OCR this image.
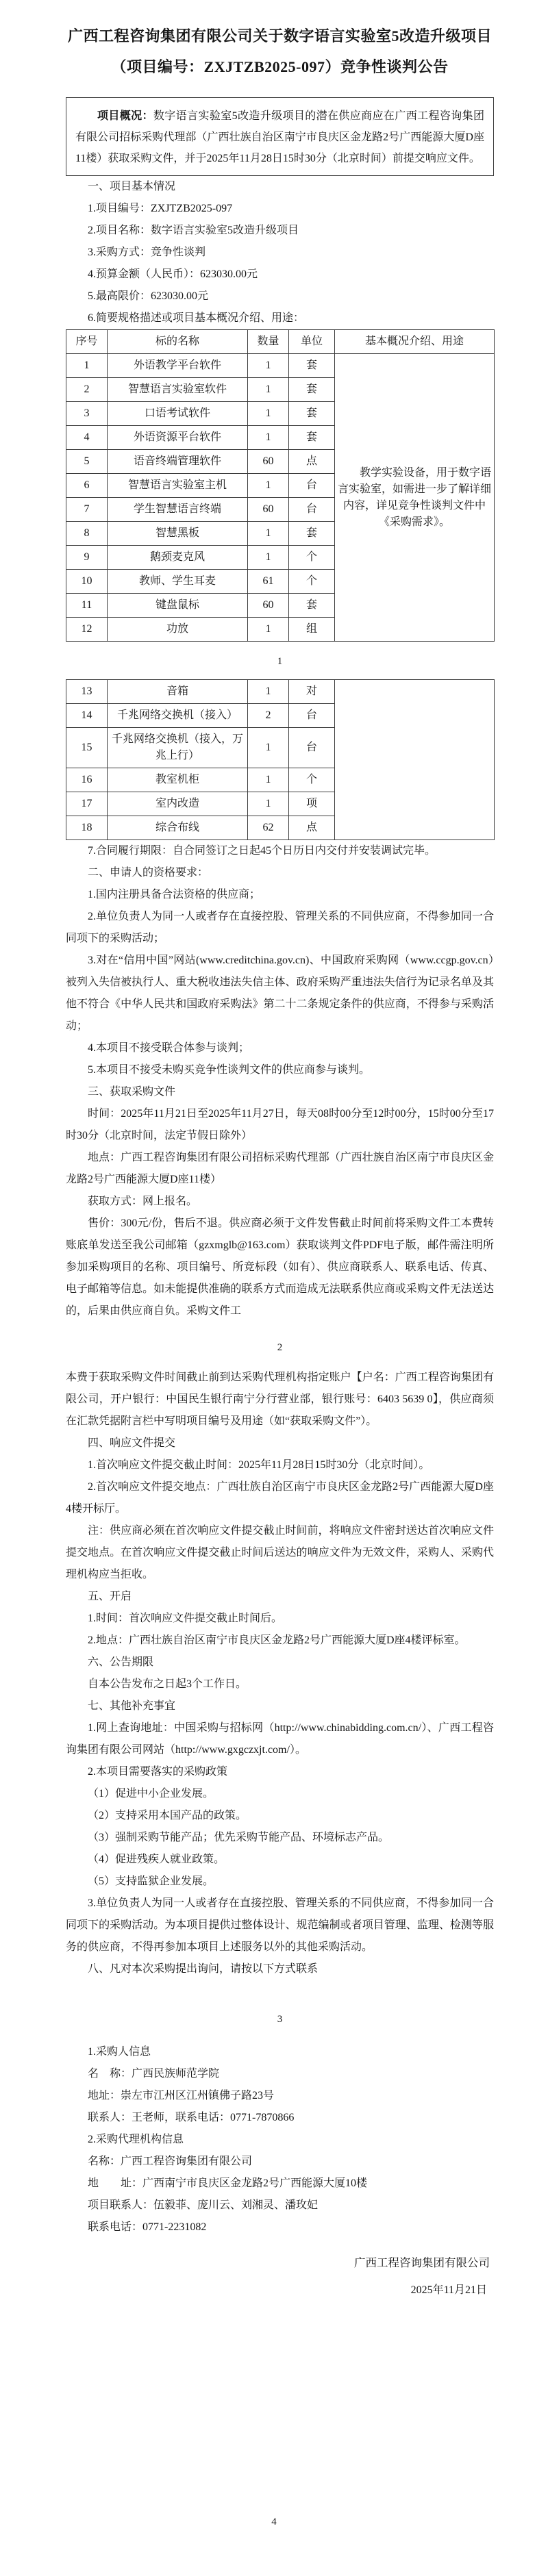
广西工程咨询集团有限公司关于数字语言实验室5改造升级项目
（项目编号：ZXJTZB2025-097）竞争性谈判公告

项目概况：数字语言实验室5改造升级项目的潜在供应商应在广西工程咨询集团有限公司招标采购代理部（广西壮族自治区南宁市良庆区金龙路2号广西能源大厦D座11楼）获取采购文件，并于2025年11月28日15时30分（北京时间）前提交响应文件。

一、项目基本情况

1.项目编号：ZXJTZB2025-097

2.项目名称：数字语言实验室5改造升级项目

3.采购方式：竞争性谈判

4.预算金额（人民币）：623030.00元

5.最高限价：623030.00元

6.简要规格描述或项目基本概况介绍、用途：

序号	标的名称	数量	单位	基本概况介绍、用途
1	外语教学平台软件	1	套	教学实验设备，用于数字语言实验室，如需进一步了解详细内容，详见竞争性谈判文件中《采购需求》。
2	智慧语言实验室软件	1	套	
3	口语考试软件	1	套	
4	外语资源平台软件	1	套	
5	语音终端管理软件	60	点	
6	智慧语言实验室主机	1	台	
7	学生智慧语言终端	60	台	
8	智慧黑板	1	套	
9	鹅颈麦克风	1	个	
10	教师、学生耳麦	61	个	
11	键盘鼠标	60	套	
12	功放	1	组	

1

13	音箱	1	对	
14	千兆网络交换机（接入）	2	台	
15	千兆网络交换机（接入，万兆上行）	1	台	
16	教室机柜	1	个	
17	室内改造	1	项	
18	综合布线	62	点	

7.合同履行期限：自合同签订之日起45个日历日内交付并安装调试完毕。

二、申请人的资格要求：

1.国内注册具备合法资格的供应商；

2.单位负责人为同一人或者存在直接控股、管理关系的不同供应商，不得参加同一合同项下的采购活动；

3.对在“信用中国”网站(www.creditchina.gov.cn)、中国政府采购网（www.ccgp.gov.cn）被列入失信被执行人、重大税收违法失信主体、政府采购严重违法失信行为记录名单及其他不符合《中华人民共和国政府采购法》第二十二条规定条件的供应商，不得参与采购活动；

4.本项目不接受联合体参与谈判；

5.本项目不接受未购买竞争性谈判文件的供应商参与谈判。

三、获取采购文件

时间：2025年11月21日至2025年11月27日，每天08时00分至12时00分，15时00分至17时30分（北京时间，法定节假日除外）

地点：广西工程咨询集团有限公司招标采购代理部（广西壮族自治区南宁市良庆区金龙路2号广西能源大厦D座11楼）

获取方式：网上报名。

售价：300元/份，售后不退。供应商必须于文件发售截止时间前将采购文件工本费转账底单发送至我公司邮箱（gzxmglb@163.com）获取谈判文件PDF电子版，邮件需注明所参加采购项目的名称、项目编号、所竞标段（如有）、供应商联系人、联系电话、传真、电子邮箱等信息。如未能提供准确的联系方式而造成无法联系供应商或采购文件无法送达的，后果由供应商自负。采购文件工

2

本费于获取采购文件时间截止前到达采购代理机构指定账户【户名：广西工程咨询集团有限公司，开户银行：中国民生银行南宁分行营业部，银行账号：6403 5639 0】，供应商须在汇款凭据附言栏中写明项目编号及用途（如“获取采购文件”）。

四、响应文件提交

1.首次响应文件提交截止时间：2025年11月28日15时30分（北京时间）。

2.首次响应文件提交地点：广西壮族自治区南宁市良庆区金龙路2号广西能源大厦D座4楼开标厅。

注：供应商必须在首次响应文件提交截止时间前，将响应文件密封送达首次响应文件提交地点。在首次响应文件提交截止时间后送达的响应文件为无效文件，采购人、采购代理机构应当拒收。

五、开启

1.时间：首次响应文件提交截止时间后。

2.地点：广西壮族自治区南宁市良庆区金龙路2号广西能源大厦D座4楼评标室。

六、公告期限

自本公告发布之日起3个工作日。

七、其他补充事宜

1.网上查询地址：中国采购与招标网（http://www.chinabidding.com.cn/）、广西工程咨询集团有限公司网站（http://www.gxgczxjt.com/）。

2.本项目需要落实的采购政策

（1）促进中小企业发展。

（2）支持采用本国产品的政策。

（3）强制采购节能产品；优先采购节能产品、环境标志产品。

（4）促进残疾人就业政策。

（5）支持监狱企业发展。

3.单位负责人为同一人或者存在直接控股、管理关系的不同供应商，不得参加同一合同项下的采购活动。为本项目提供过整体设计、规范编制或者项目管理、监理、检测等服务的供应商，不得再参加本项目上述服务以外的其他采购活动。

八、凡对本次采购提出询问，请按以下方式联系

3

1.采购人信息

名　称：广西民族师范学院

地址：崇左市江州区江州镇佛子路23号

联系人：王老师，联系电话：0771-7870866

2.采购代理机构信息

名称：广西工程咨询集团有限公司

地　　址：广西南宁市良庆区金龙路2号广西能源大厦10楼

项目联系人：伍毅菲、庞川云、刘湘灵、潘玫妃

联系电话：0771-2231082

广西工程咨询集团有限公司

2025年11月21日

4
